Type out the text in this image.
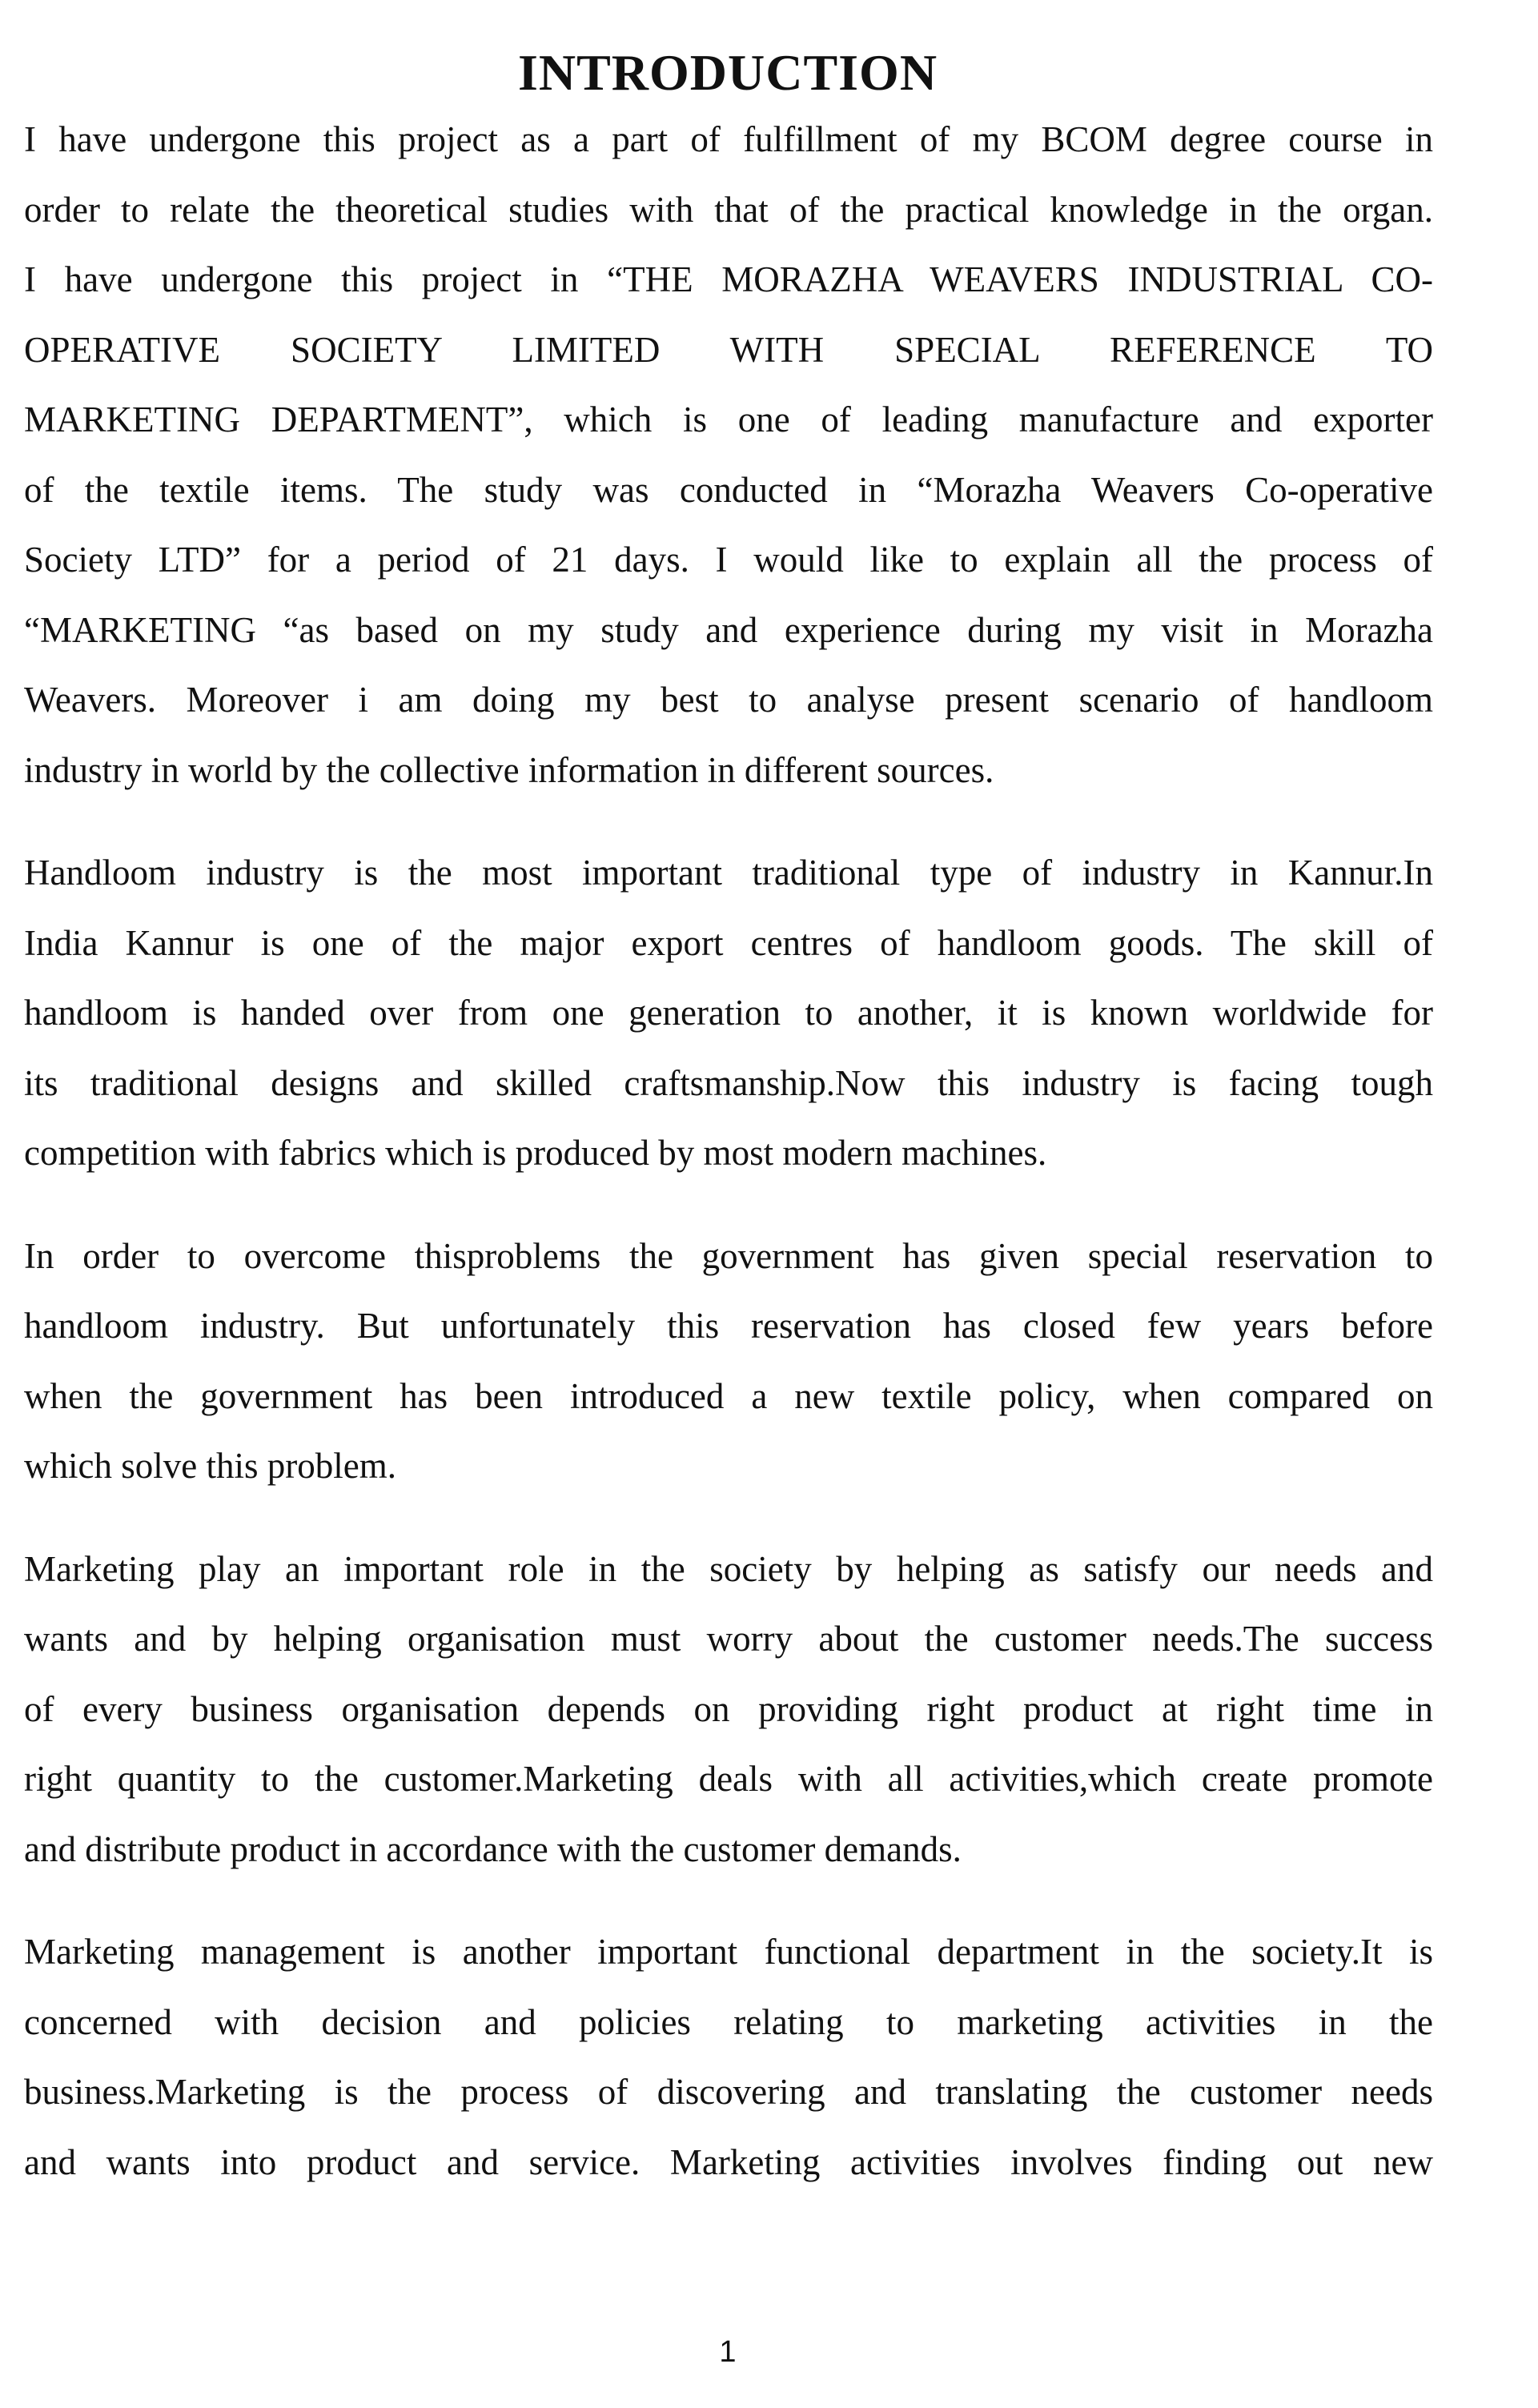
INTRODUCTION

I have undergone this project as a part of fulfillment of my BCOM degree course in
order to relate the theoretical studies with that of the practical knowledge in the organ.
I have undergone this project in “THE MORAZHA WEAVERS INDUSTRIAL CO-
OPERATIVE SOCIETY LIMITED WITH SPECIAL REFERENCE TO
MARKETING DEPARTMENT”, which is one of leading manufacture and exporter
of the textile items. The study was conducted in “Morazha Weavers Co-operative
Society LTD” for a period of 21 days. I would like to explain all the process of
“MARKETING “as based on my study and experience during my visit in Morazha
Weavers. Moreover i am doing my best to analyse present scenario of handloom
industry in world by the collective information in different sources.

Handloom industry is the most important traditional type of industry in Kannur.In
India Kannur is one of the major export centres of handloom goods. The skill of
handloom is handed over from one generation to another, it is known worldwide for
its traditional designs and skilled craftsmanship.Now this industry is facing tough
competition with fabrics which is produced by most modern machines.

In order to overcome thisproblems the government has given special reservation to
handloom industry. But unfortunately this reservation has closed few years before
when the government has been introduced a new textile policy, when compared on
which solve this problem.

Marketing play an important role in the society by helping as satisfy our needs and
wants and by helping organisation must worry about the customer needs.The success
of every business organisation depends on providing right product at right time in
right quantity to the customer.Marketing deals with all activities,which create promote
and distribute product in accordance with the customer demands.

Marketing management is another important functional department in the society.It is
concerned with decision and policies relating to marketing activities in the
business.Marketing is the process of discovering and translating the customer needs
and wants into product and service. Marketing activities involves finding out new

1
